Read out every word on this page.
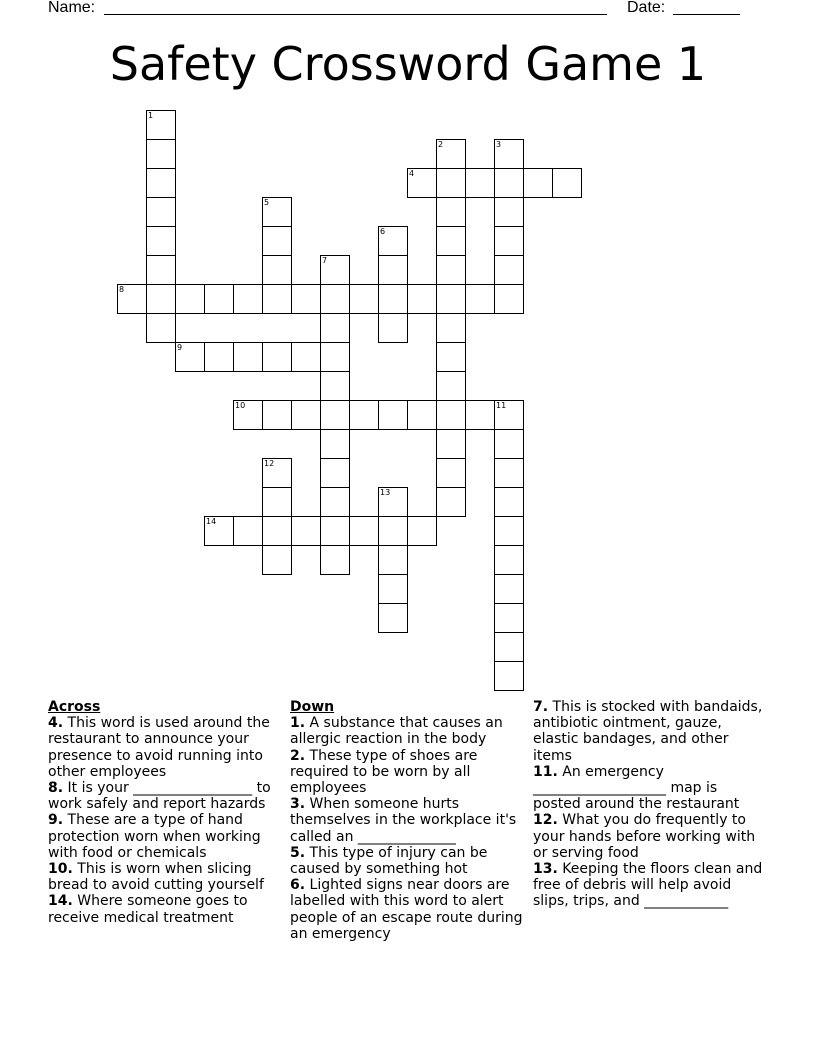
Name:	Date:
Safety Crossword Game 1
1
2	3
4
5
6
7
8
9
10	11
12
14
13
Across
4. This word is used around the restaurant to announce your presence to avoid running into other employees
8. It is your _________________ to work safely and report hazards
9. These are a type of hand protection worn when working with food or chemicals
10. This is worn when slicing bread to avoid cutting yourself
14. Where someone goes to receive medical treatment
Down
1. A substance that causes an allergic reaction in the body
2. These type of shoes are required to be worn by all employees
3. When someone hurts themselves in the workplace it's called an ______________
5. This type of injury can be caused by something hot
6. Lighted signs near doors are labelled with this word to alert people of an escape route during an emergency
7. This is stocked with bandaids, antibiotic ointment, gauze, elastic bandages, and other items
11. An emergency ___________________ map is posted around the restaurant
12. What you do frequently to your hands before working with or serving food
13. Keeping the floors clean and free of debris will help avoid slips, trips, and ____________
